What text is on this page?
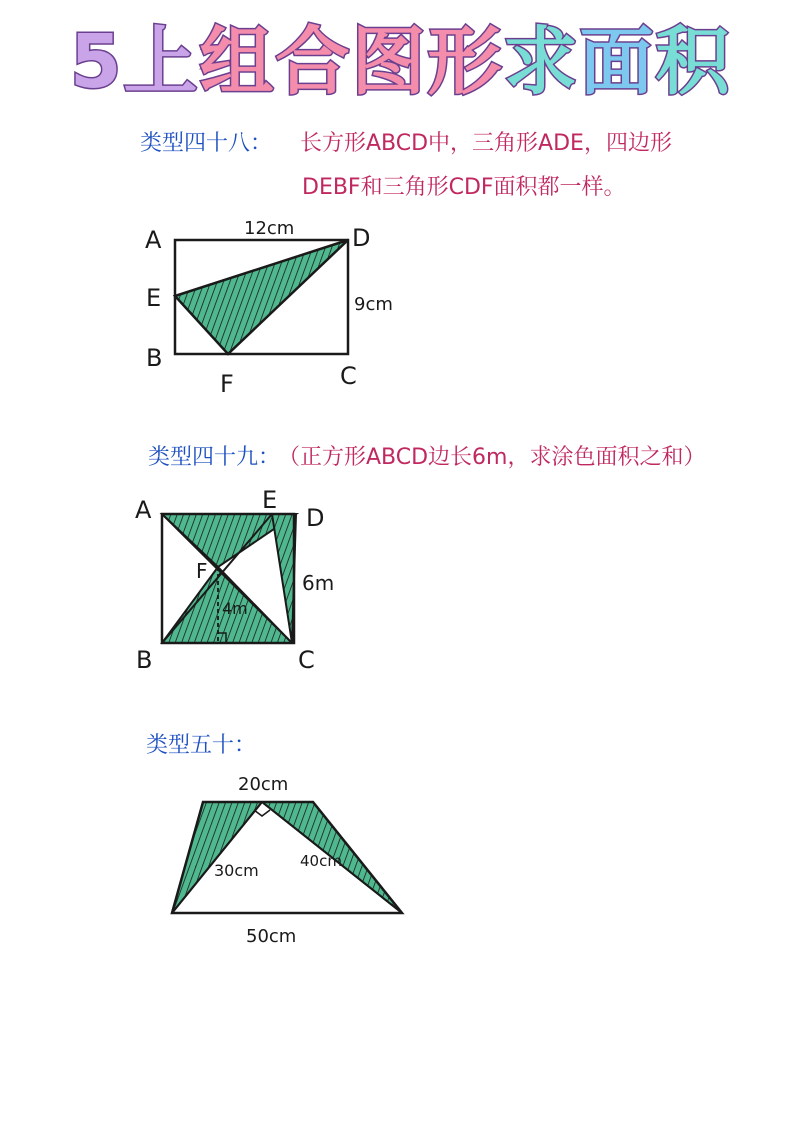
5上 组合 图形 求 面 积
类型四十八： 长方形ABCD中，三角形ADE，四边形
DEBF和三角形CDF面积都一样。
类型四十九：
（正方形ABCD边长6m，求涂色面积之和）
类型五十：
A	D
E
B
F	C
12cm
9cm
A	E
D
F
B	C
6m
4m
20cm
30cm	40cm
50cm
